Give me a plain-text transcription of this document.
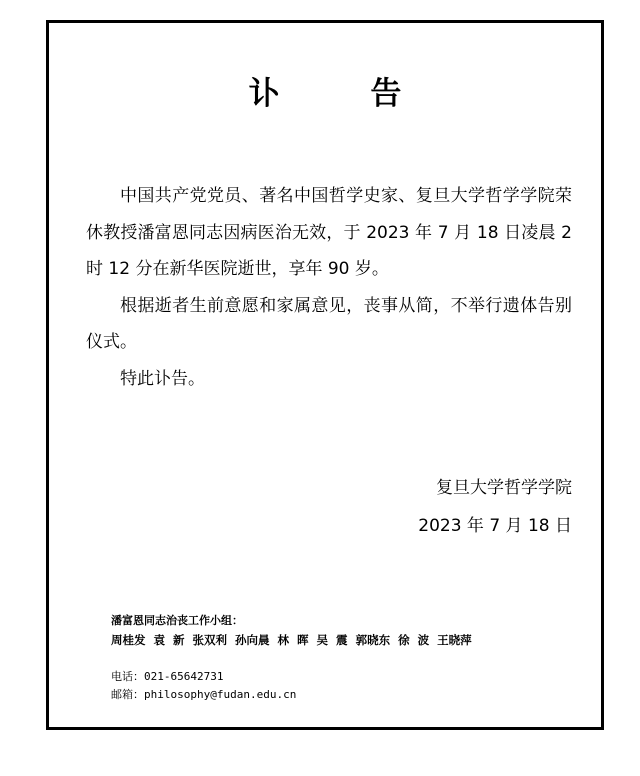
讣 告

中国共产党党员、著名中国哲学史家、复旦大学哲学学院荣休教授潘富恩同志因病医治无效，于 2023 年 7 月 18 日凌晨 2 时 12 分在新华医院逝世，享年 90 岁。

根据逝者生前意愿和家属意见，丧事从简，不举行遗体告别仪式。

特此讣告。

复旦大学哲学学院
2023 年 7 月 18 日
潘富恩同志治丧工作小组：
周桂发  袁  新  张双利  孙向晨  林  晖  吴  震  郭晓东  徐  波  王晓萍
电话：021-65642731
邮箱：philosophy@fudan.edu.cn
